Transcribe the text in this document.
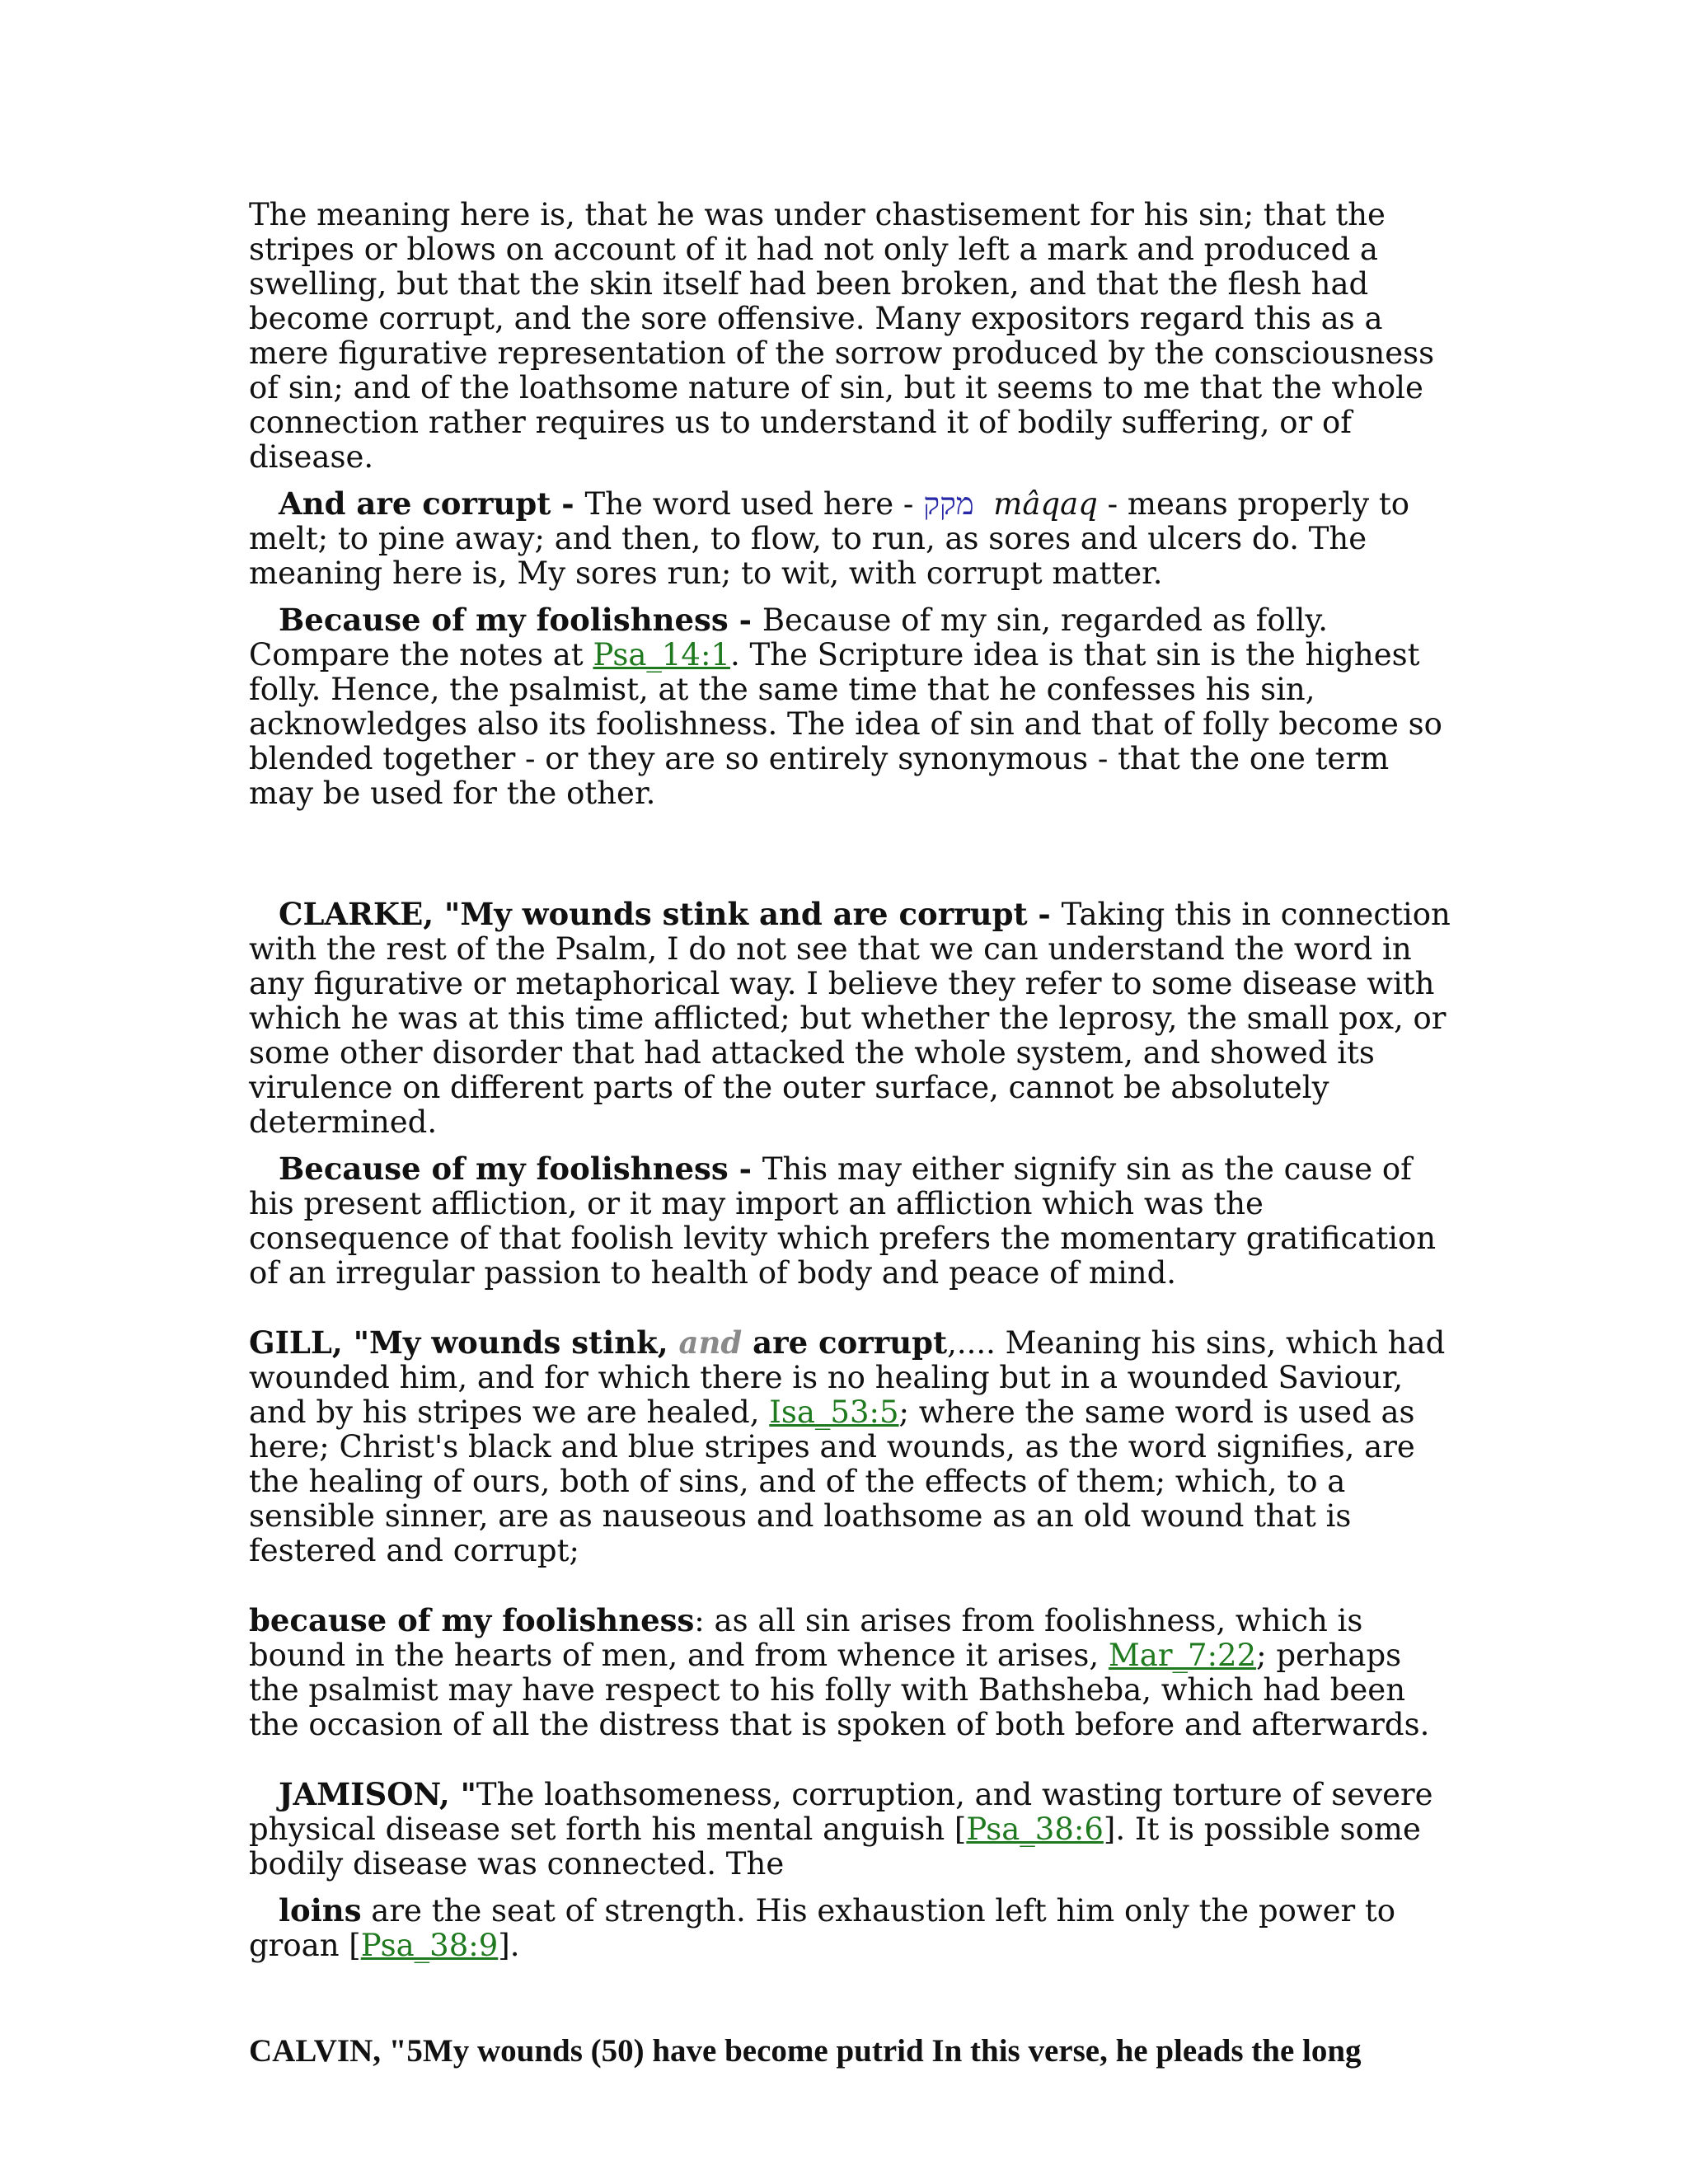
The meaning here is, that he was under chastisement for his sin; that the stripes or blows on account of it had not only left a mark and produced a swelling, but that the skin itself had been broken, and that the flesh had become corrupt, and the sore offensive. Many expositors regard this as a mere figurative representation of the sorrow produced by the consciousness of sin; and of the loathsome nature of sin, but it seems to me that the whole connection rather requires us to understand it of bodily suffering, or of disease.

And are corrupt - The word used here - מקק mâqaq - means properly to melt; to pine away; and then, to flow, to run, as sores and ulcers do. The meaning here is, My sores run; to wit, with corrupt matter.

Because of my foolishness - Because of my sin, regarded as folly. Compare the notes at Psa_14:1. The Scripture idea is that sin is the highest folly. Hence, the psalmist, at the same time that he confesses his sin, acknowledges also its foolishness. The idea of sin and that of folly become so blended together - or they are so entirely synonymous - that the one term may be used for the other.

CLARKE, "My wounds stink and are corrupt - Taking this in connection with the rest of the Psalm, I do not see that we can understand the word in any figurative or metaphorical way. I believe they refer to some disease with which he was at this time afflicted; but whether the leprosy, the small pox, or some other disorder that had attacked the whole system, and showed its virulence on different parts of the outer surface, cannot be absolutely determined.

Because of my foolishness - This may either signify sin as the cause of his present affliction, or it may import an affliction which was the consequence of that foolish levity which prefers the momentary gratification of an irregular passion to health of body and peace of mind.

GILL, "My wounds stink, and are corrupt,.... Meaning his sins, which had wounded him, and for which there is no healing but in a wounded Saviour, and by his stripes we are healed, Isa_53:5; where the same word is used as here; Christ's black and blue stripes and wounds, as the word signifies, are the healing of ours, both of sins, and of the effects of them; which, to a sensible sinner, are as nauseous and loathsome as an old wound that is festered and corrupt;

because of my foolishness: as all sin arises from foolishness, which is bound in the hearts of men, and from whence it arises, Mar_7:22; perhaps the psalmist may have respect to his folly with Bathsheba, which had been the occasion of all the distress that is spoken of both before and afterwards.

JAMISON, "The loathsomeness, corruption, and wasting torture of severe physical disease set forth his mental anguish [Psa_38:6]. It is possible some bodily disease was connected. The

loins are the seat of strength. His exhaustion left him only the power to groan [Psa_38:9].

CALVIN, "5My wounds (50) have become putrid In this verse, he pleads the long
